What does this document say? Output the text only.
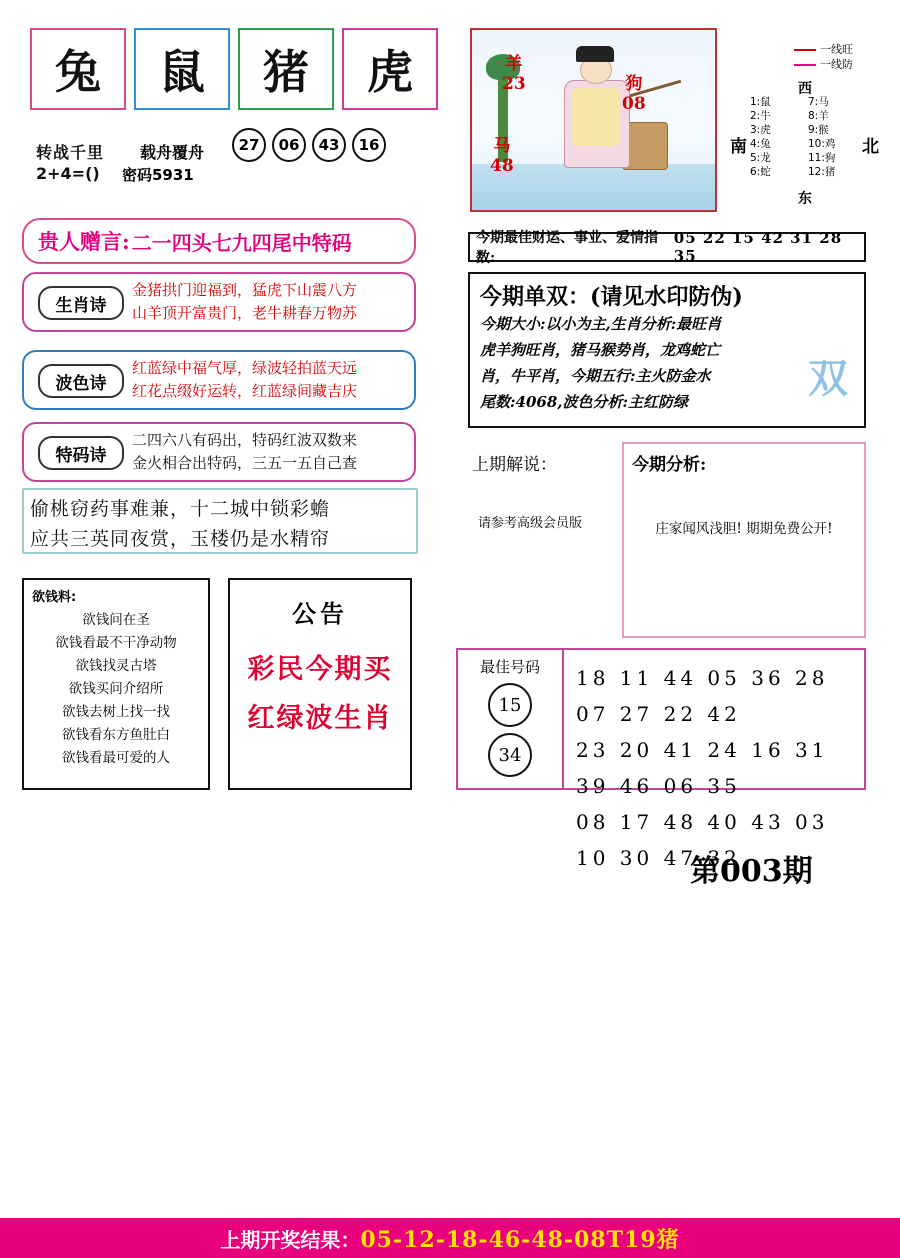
兔 鼠 猪 虎
转战千里 载舟覆舟
2+4=() 密码5931
27	06	43	16
贵人赠言: 二一四头七九四尾中特码
生肖诗
金猪拱门迎福到，猛虎下山震八方
山羊顶开富贵门，老牛耕春万物苏
波色诗
红蓝绿中福气厚，绿波轻拍蓝天远
红花点缀好运转，红蓝绿间藏吉庆
特码诗
二四六八有码出，特码红波双数来
金火相合出特码，三五一五自己查
偷桃窃药事难兼，十二城中锁彩蟾
应共三英同夜赏，玉楼仍是水精帘
欲钱料:
欲钱问在圣
欲钱看最不干净动物
欲钱找灵古塔
欲钱买问介绍所
欲钱去树上找一找
欲钱看东方鱼肚白
欲钱看最可爱的人
公告
彩民今期买
红绿波生肖
羊
23
马
48
狗
08
一线旺
一线防
西
南	北
东
1:鼠	7:马
2:牛	8:羊
3:虎	9:猴
4:兔	10:鸡
5:龙	11:狗
6:蛇	12:猪
今期最佳财运、事业、爱情指数:
05 22 15 42 31 28 35
今期单双：(请见水印防伪)
今期大小:以小为主,生肖分析:最旺肖
虎羊狗旺肖，猪马猴势肖，龙鸡蛇亡
肖，牛平肖，今期五行:主火防金水
尾数:4068,波色分析:主红防绿	双
上期解说：
请参考高级会员版
今期分析:
庄家闻风浅胆! 期期免费公开!
最佳号码
15
34
18 11 44 05 36 28 07 27 22 42
23 20 41 24 16 31 39 46 06 35
08 17 48 40 43 03 10 30 47 32
第003期
上期开奖结果： 05-12-18-46-48-08T19猪
